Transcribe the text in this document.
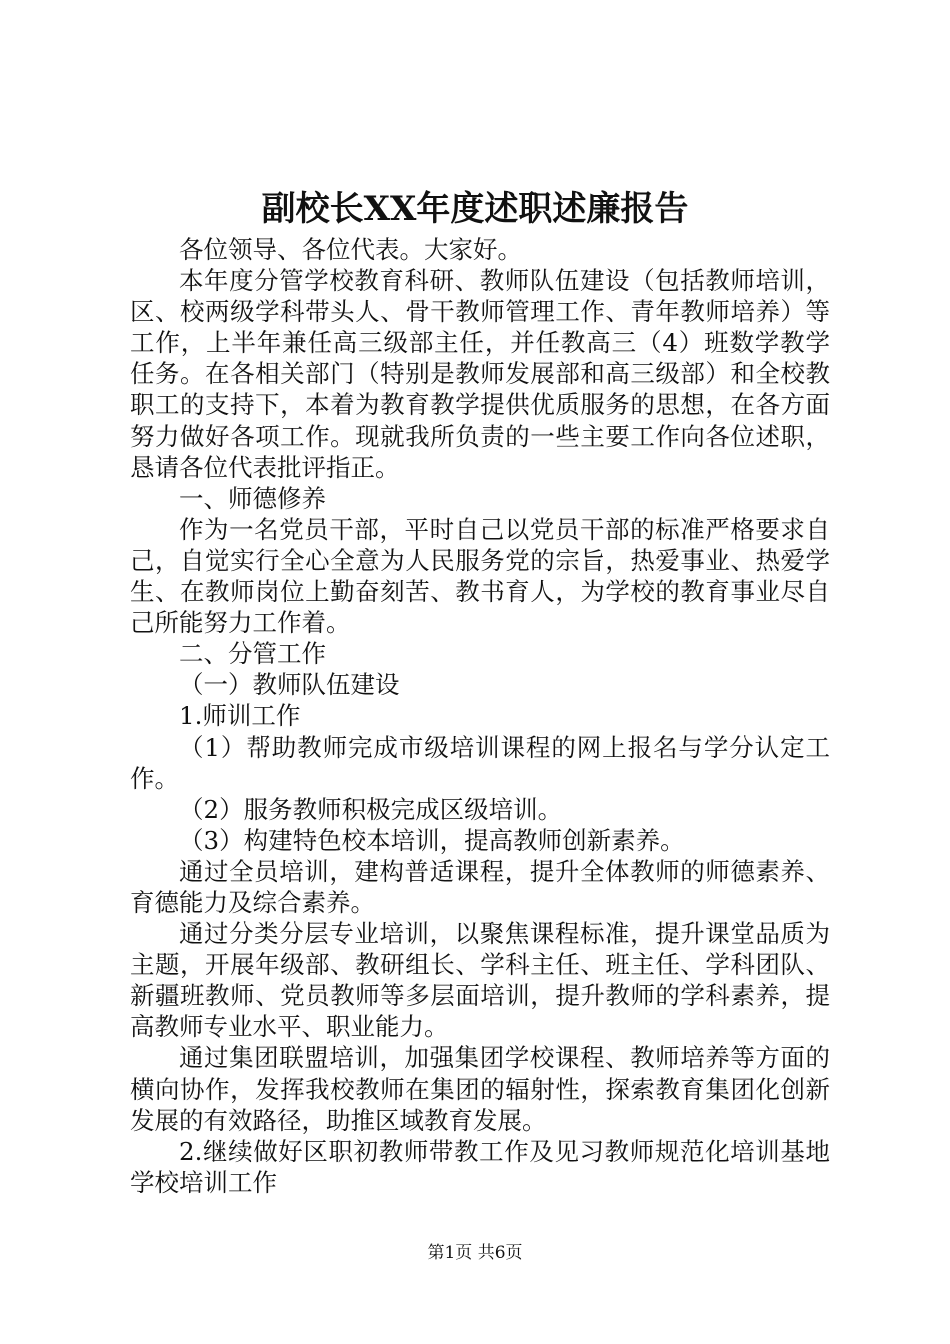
副校长XX年度述职述廉报告

各位领导、各位代表。大家好。

本年度分管学校教育科研、教师队伍建设（包括教师培训，区、校两级学科带头人、骨干教师管理工作、青年教师培养）等工作，上半年兼任高三级部主任，并任教高三（4）班数学教学任务。在各相关部门（特别是教师发展部和高三级部）和全校教职工的支持下，本着为教育教学提供优质服务的思想，在各方面努力做好各项工作。现就我所负责的一些主要工作向各位述职，恳请各位代表批评指正。

一、师德修养

作为一名党员干部，平时自己以党员干部的标准严格要求自己，自觉实行全心全意为人民服务党的宗旨，热爱事业、热爱学生、在教师岗位上勤奋刻苦、教书育人，为学校的教育事业尽自己所能努力工作着。

二、分管工作

（一）教师队伍建设

1.师训工作

（1）帮助教师完成市级培训课程的网上报名与学分认定工作。

（2）服务教师积极完成区级培训。

（3）构建特色校本培训，提高教师创新素养。

通过全员培训，建构普适课程，提升全体教师的师德素养、育德能力及综合素养。

通过分类分层专业培训，以聚焦课程标准，提升课堂品质为主题，开展年级部、教研组长、学科主任、班主任、学科团队、新疆班教师、党员教师等多层面培训，提升教师的学科素养，提高教师专业水平、职业能力。

通过集团联盟培训，加强集团学校课程、教师培养等方面的横向协作，发挥我校教师在集团的辐射性，探索教育集团化创新发展的有效路径，助推区域教育发展。

2.继续做好区职初教师带教工作及见习教师规范化培训基地学校培训工作

第1页 共6页
